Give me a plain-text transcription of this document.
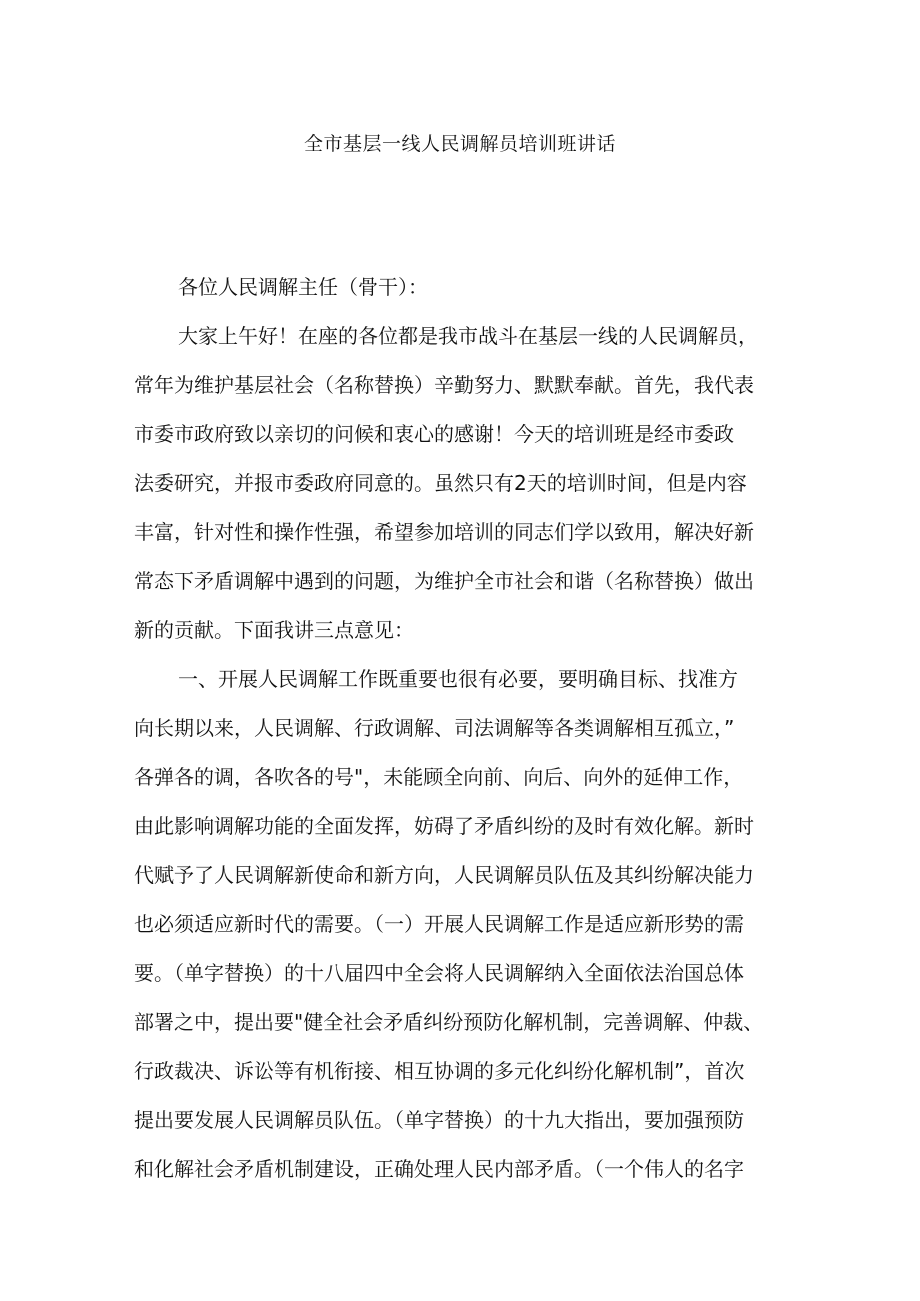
全市基层一线人民调解员培训班讲话
各位人民调解主任（骨干）：
大家上午好！在座的各位都是我市战斗在基层一线的人民调解员，
常年为维护基层社会（名称替换）辛勤努力、默默奉献。首先，我代表
市委市政府致以亲切的问候和衷心的感谢！今天的培训班是经市委政
法委研究，并报市委政府同意的。虽然只有2天的培训时间，但是内容
丰富，针对性和操作性强，希望参加培训的同志们学以致用，解决好新
常态下矛盾调解中遇到的问题，为维护全市社会和谐（名称替换）做出
新的贡献。下面我讲三点意见：
一、开展人民调解工作既重要也很有必要，要明确目标、找准方
向长期以来，人民调解、行政调解、司法调解等各类调解相互孤立，”
各弹各的调，各吹各的号"，未能顾全向前、向后、向外的延伸工作，
由此影响调解功能的全面发挥，妨碍了矛盾纠纷的及时有效化解。新时
代赋予了人民调解新使命和新方向，人民调解员队伍及其纠纷解决能力
也必须适应新时代的需要。（一）开展人民调解工作是适应新形势的需
要。（单字替换）的十八届四中全会将人民调解纳入全面依法治国总体
部署之中，提出要"健全社会矛盾纠纷预防化解机制，完善调解、仲裁、
行政裁决、诉讼等有机衔接、相互协调的多元化纠纷化解机制”，首次
提出要发展人民调解员队伍。（单字替换）的十九大指出，要加强预防
和化解社会矛盾机制建设，正确处理人民内部矛盾。（一个伟人的名字
